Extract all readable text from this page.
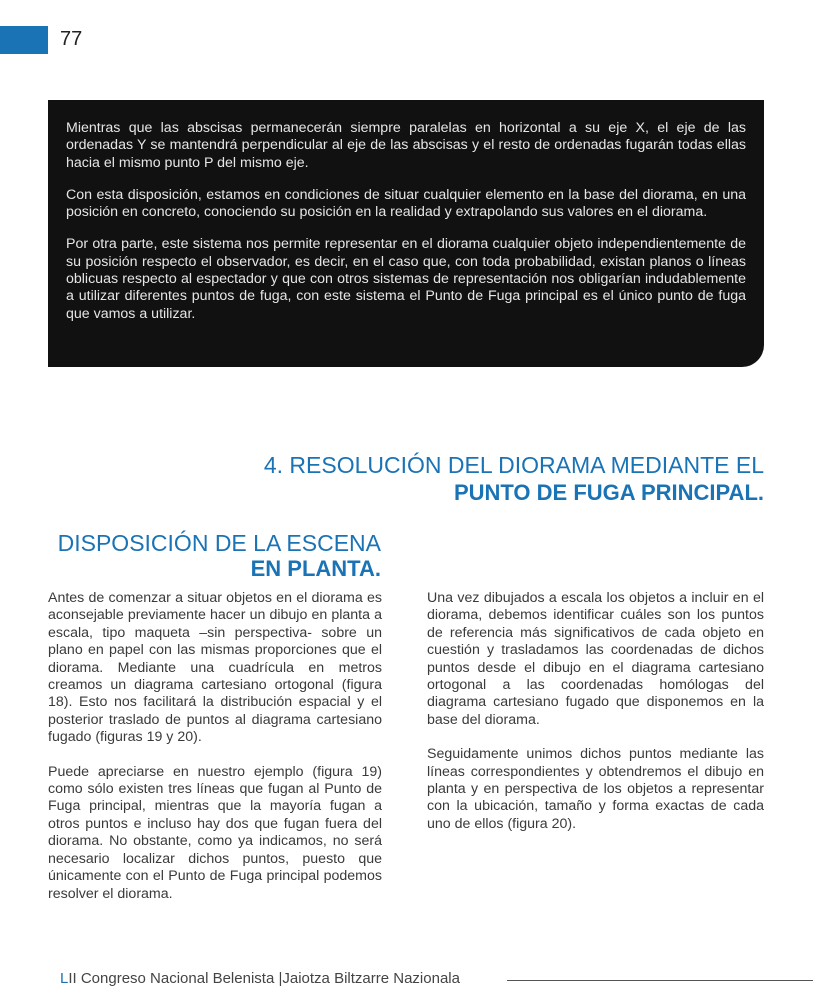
77

Mientras que las abscisas permanecerán siempre paralelas en horizontal a su eje X, el eje de las ordenadas Y se mantendrá perpendicular al eje de las abscisas y el resto de ordenadas fugarán todas ellas hacia el mismo punto P del mismo eje.

Con esta disposición, estamos en condiciones de situar cualquier elemento en la base del diorama, en una posición en concreto, conociendo su posición en la realidad y extrapolando sus valores en el diorama.

Por otra parte, este sistema nos permite representar en el diorama cualquier objeto independientemente de su posición respecto el observador, es decir, en el caso que, con toda probabilidad, existan planos o líneas oblicuas respecto al espectador y que con otros sistemas de representación nos obligarían indudablemente a utilizar diferentes puntos de fuga, con este sistema el Punto de Fuga principal es el único punto de fuga que vamos a utilizar.

4. RESOLUCIÓN DEL DIORAMA MEDIANTE EL
PUNTO DE FUGA PRINCIPAL.
DISPOSICIÓN DE LA ESCENA
EN PLANTA.

Antes de comenzar a situar objetos en el diorama es aconsejable previamente hacer un dibujo en planta a escala, tipo maqueta –sin perspectiva- sobre un plano en papel con las mismas proporciones que el diorama. Mediante una cuadrícula en metros creamos un diagrama cartesiano ortogonal (figura 18). Esto nos facilitará la distribución espacial y el posterior traslado de puntos al diagrama cartesiano fugado (figuras 19 y 20).

Puede apreciarse en nuestro ejemplo (figura 19) como sólo existen tres líneas que fugan al Punto de Fuga principal, mientras que la mayoría fugan a otros puntos e incluso hay dos que fugan fuera del diorama. No obstante, como ya indicamos, no será necesario localizar dichos puntos, puesto que únicamente con el Punto de Fuga principal podemos resolver el diorama.

Una vez dibujados a escala los objetos a incluir en el diorama, debemos identificar cuáles son los puntos de referencia más significativos de cada objeto en cuestión y trasladamos las coordenadas de dichos puntos desde el dibujo en el diagrama cartesiano ortogonal a las coordenadas homólogas del diagrama cartesiano fugado que disponemos en la base del diorama.

Seguidamente unimos dichos puntos mediante las líneas correspondientes y obtendremos el dibujo en planta y en perspectiva de los objetos a representar con la ubicación, tamaño y forma exactas de cada uno de ellos (figura 20).

LII Congreso Nacional Belenista |Jaiotza Biltzarre Nazionala
